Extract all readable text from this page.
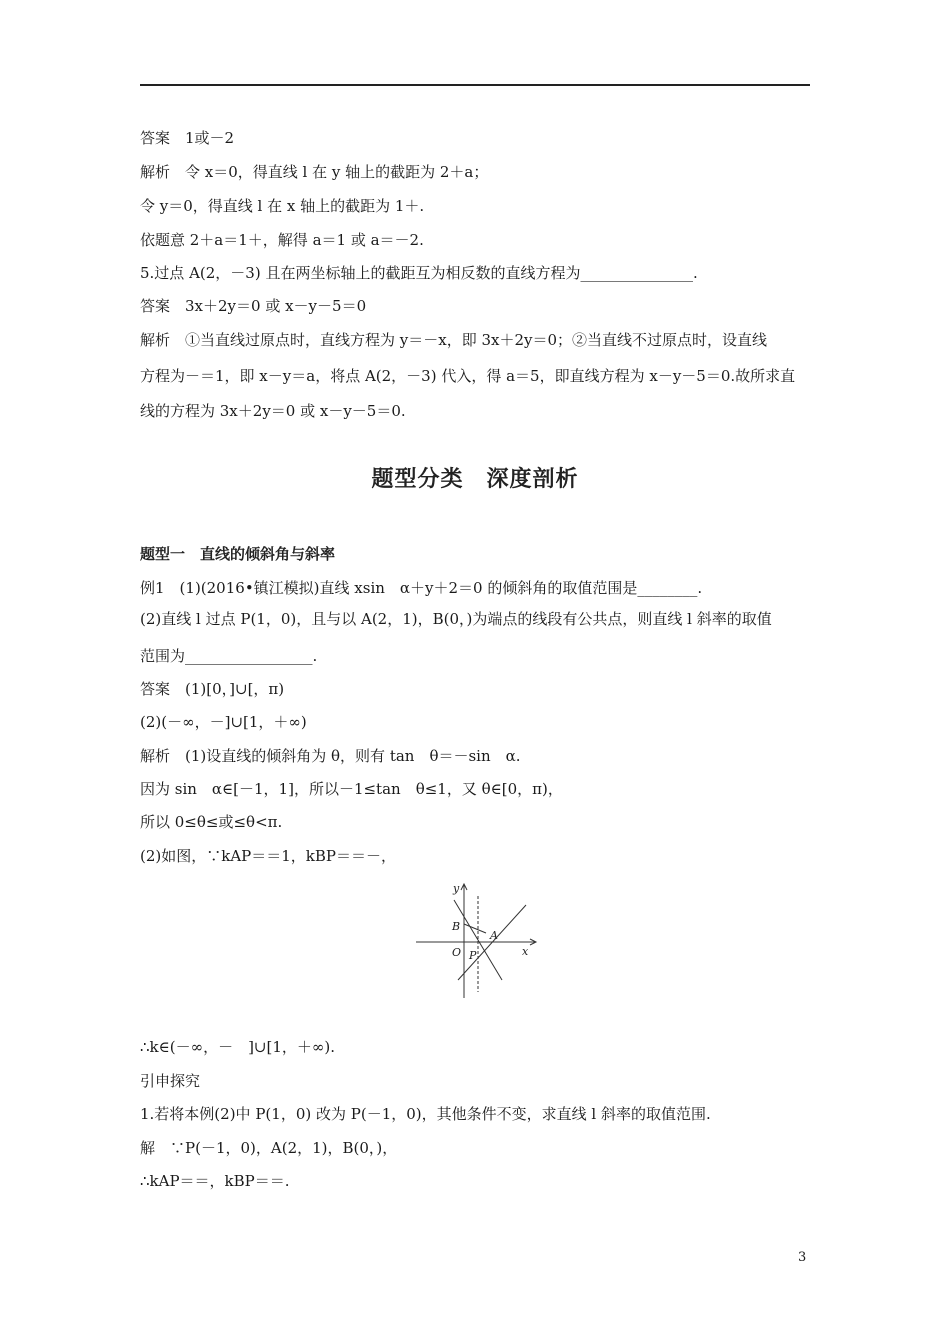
答案　1或－2
解析　令 x＝0，得直线 l 在 y 轴上的截距为 2＋a；
令 y＝0，得直线 l 在 x 轴上的截距为 1＋.
依题意 2＋a＝1＋，解得 a＝1 或 a＝－2.
5.过点 A(2，－3) 且在两坐标轴上的截距互为相反数的直线方程为_______________.
答案　3x＋2y＝0 或 x－y－5＝0
解析　①当直线过原点时，直线方程为 y＝－x，即 3x＋2y＝0；②当直线不过原点时，设直线
方程为－＝1，即 x－y＝a，将点 A(2，－3) 代入，得 a＝5，即直线方程为 x－y－5＝0.故所求直
线的方程为 3x＋2y＝0 或 x－y－5＝0.
题型分类　深度剖析
题型一　直线的倾斜角与斜率
例1　(1)(2016•镇江模拟)直线 xsin　α＋y＋2＝0 的倾斜角的取值范围是________.
(2)直线 l 过点 P(1，0)，且与以 A(2，1)，B(0，)为端点的线段有公共点，则直线 l 斜率的取值
范围为_________________.
答案　(1)[0，]∪[，π)
(2)(－∞，－]∪[1，＋∞)
解析　(1)设直线的倾斜角为 θ，则有 tan　θ＝－sin　α.
因为 sin　α∈[－1，1]，所以－1≤tan　θ≤1，又 θ∈[0，π)，
所以 0≤θ≤或≤θ<π.
(2)如图，∵kAP＝＝1，kBP＝＝－，
y
x
B
A
O P
∴k∈(－∞，－　]∪[1，＋∞).
引申探究
1.若将本例(2)中 P(1，0) 改为 P(－1，0)，其他条件不变，求直线 l 斜率的取值范围.
解　∵P(－1，0)，A(2，1)，B(0，)，
∴kAP＝＝，kBP＝＝.
3
